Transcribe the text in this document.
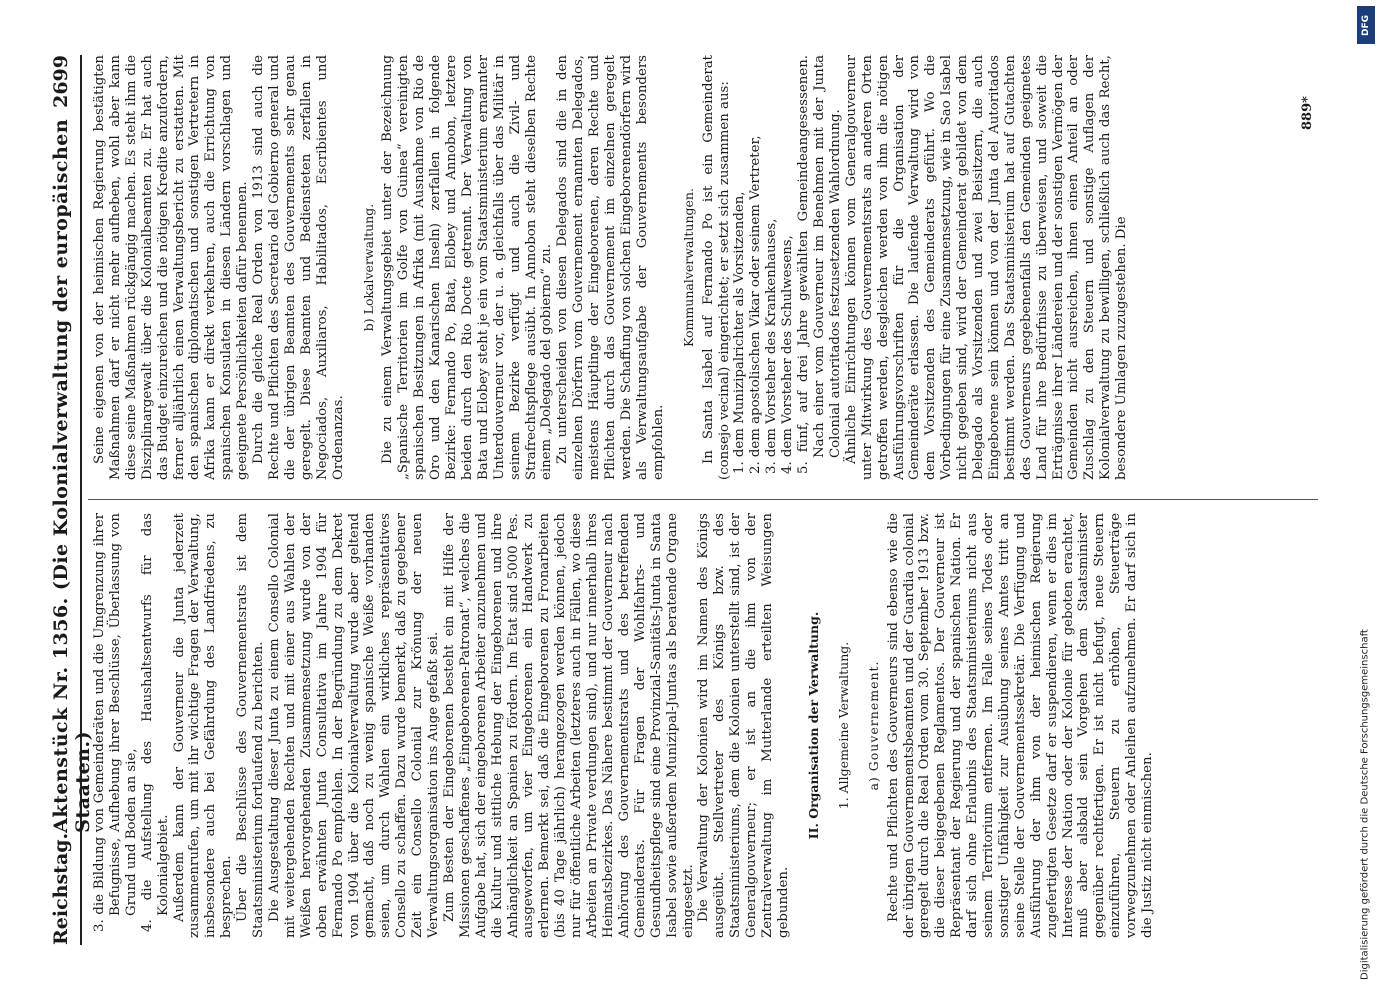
Reichstag.
Aktenstück Nr. 1356. (Die Kolonialverwaltung der europäischen Staaten.)
2699
3. die Bildung von Gemeinderäten und die Umgrenzung ihrer Befugnisse, Aufhebung ihrer Beschlüsse, Überlassung von Grund und Boden an sie, 4. die Aufstellung des Haushaltsentwurfs für das Kolonialgebiet. Außerdem kann der Gouverneur die Junta jederzeit zusammenrufen, um mit ihr wichtige Fragen der Verwaltung, insbesondere auch bei Gefährdung des Landfriedens, zu besprechen. Über die Beschlüsse des Gouvernementsrats ist dem Staatsministerium fortlaufend zu berichten. Die Ausgestaltung dieser Junta zu einem Consello Colonial mit weitergehenden Rechten und mit einer aus Wahlen der Weißen hervorgehenden Zusammensetzung wurde von der oben erwähnten Junta Consultativa im Jahre 1904 für Fernando Po empfohlen. In der Begründung zu dem Dekret von 1904 über die Kolonialverwaltung wurde aber geltend gemacht, daß noch zu wenig spanische Weiße vorhanden seien, um durch Wahlen ein wirkliches repräsentatives Consello zu schaffen. Dazu wurde bemerkt, daß zu gegebener Zeit ein Consello Colonial zur Krönung der neuen Verwaltungsorganisation ins Auge gefaßt sei. Zum Besten der Eingeborenen besteht ein mit Hilfe der Missionen geschaffenes „Eingeborenen-Patronat“, welches die Aufgabe hat, sich der eingeborenen Arbeiter anzunehmen und die Kultur und sittliche Hebung der Eingeborenen und ihre Anhänglichkeit an Spanien zu fördern. Im Etat sind 5000 Pes. ausgeworfen, um vier Eingeborenen ein Handwerk zu erlernen. Bemerkt sei, daß die Eingeborenen zu Fronarbeiten (bis 40 Tage jährlich) herangezogen werden können, jedoch nur für öffentliche Arbeiten (letzteres auch in Fällen, wo diese Arbeiten an Private verdungen sind), und nur innerhalb ihres Heimatsbezirkes. Das Nähere bestimmt der Gouverneur nach Anhörung des Gouvernementsrats und des betreffenden Gemeinderats. Für Fragen der Wohlfahrts- und Gesundheitspflege sind eine Provinzial-Sanitäts-Junta in Santa Isabel sowie außerdem Munizipal-Juntas als beratende Organe eingesetzt. Die Verwaltung der Kolonien wird im Namen des Königs ausgeübt. Stellvertreter des Königs bzw. des Staatsministeriums, dem die Kolonien unterstellt sind, ist der Generalgouverneur; er ist an die ihm von der Zentralverwaltung im Mutterlande erteilten Weisungen gebunden.

II. Organisation der Verwaltung. 1. Allgemeine Verwaltung. a) Gouvernement. Rechte und Pflichten des Gouverneurs sind ebenso wie die der übrigen Gouvernementsbeamten und der Guardia colonial geregelt durch die Real Orden vom 30. September 1913 bzw. die dieser beigegebenen Reglamentos. Der Gouverneur ist Repräsentant der Regierung und der spanischen Nation. Er darf sich ohne Erlaubnis des Staatsministeriums nicht aus seinem Territorium entfernen. Im Falle seines Todes oder sonstiger Unfähigkeit zur Ausübung seines Amtes tritt an seine Stelle der Gouvernementssekretär. Die Verfügung und Ausführung der ihm von der heimischen Regierung zugefertigten Gesetze darf er suspendieren, wenn er dies im Interesse der Nation oder der Kolonie für geboten erachtet, muß aber alsbald sein Vorgehen dem Staatsminister gegenüber rechtfertigen. Er ist nicht befugt, neue Steuern einzuführen, Steuern zu erhöhen, Steuerträge vorwegzunehmen oder Anleihen aufzunehmen. Er darf sich in die Justiz nicht einmischen.

Seine eigenen von der heimischen Regierung bestätigten Maßnahmen darf er nicht mehr aufheben, wohl aber kann diese seine Maßnahmen rückgängig machen. Es steht ihm die Disziplinargewalt über die Kolonialbeamten zu. Er hat auch das Budget einzureichen und die nötigen Kredite anzufordern, ferner alljährlich einen Verwaltungsbericht zu erstatten. Mit den spanischen diplomatischen und sonstigen Vertretern in Afrika kann er direkt verkehren, auch die Errichtung von spanischen Konsulaten in diesen Ländern vorschlagen und geeignete Persönlichkeiten dafür benennen. Durch die gleiche Real Orden von 1913 sind auch die Rechte und Pflichten des Secretario del Gobierno general und die der übrigen Beamten des Gouvernements sehr genau geregelt. Diese Beamten und Bediensteten zerfallen in Negociados, Auxiliaros, Habilitados, Escribientes und Ordenanzas.

b) Lokalverwaltung. Die zu einem Verwaltungsgebiet unter der Bezeichnung „Spanische Territorien im Golfe von Guinea“ vereinigten spanischen Besitzungen in Afrika (mit Ausnahme von Rio de Oro und den Kanarischen Inseln) zerfallen in folgende Bezirke: Fernando Po, Bata, Elobey und Annobon, letztere beiden durch den Rio Docte getrennt. Der Verwaltung von Bata und Elobey steht je ein vom Staatsministerium ernannter Unterdouverneur vor, der u. a. gleichfalls über das Militär in seinem Bezirke verfügt und auch die Zivil- und Strafrechtspflege ausübt. In Annobon steht dieselben Rechte einem „Dolegado del gobierno“ zu. Zu unterscheiden von diesen Delegados sind die in den einzelnen Dörfern vom Gouvernement ernannten Delegados, meistens Häuptlinge der Eingeborenen, deren Rechte und Pflichten durch das Gouvernement im einzelnen geregelt werden. Die Schaffung von solchen Eingeborenendörfern wird als Verwaltungsaufgabe der Gouvernements besonders empfohlen.

Kommunalverwaltungen. In Santa Isabel auf Fernando Po ist ein Gemeinderat (consejo vecinal) eingerichtet; er setzt sich zusammen aus: 1. dem Munizipalrichter als Vorsitzenden, 2. dem apostolischen Vikar oder seinem Vertreter, 3. dem Vorsteher des Krankenhauses, 4. dem Vorsteher des Schulwesens, 5. fünf, auf drei Jahre gewählten Gemeindeangesessenen. Nach einer vom Gouverneur im Benehmen mit der Junta Colonial autoritados festzusetzenden Wahlordnung. Ähnliche Einrichtungen können vom Generalgouverneur unter Mitwirkung des Gouvernementsrats an anderen Orten getroffen werden, desgleichen werden von ihm die nötigen Ausführungsvorschriften für die Organisation der Gemeinderäte erlassen. Die laufende Verwaltung wird von dem Vorsitzenden des Gemeinderats geführt. Wo die Vorbedingungen für eine Zusammensetzung, wie in Sao Isabel nicht gegeben sind, wird der Gemeinderat gebildet von dem Delegado als Vorsitzenden und zwei Beisitzern, die auch Eingeborene sein können und von der Junta del Autoritados bestimmt werden. Das Staatsministerium hat auf Gutachten des Gouverneurs gegebenenfalls den Gemeinden geeignetes Land für ihre Bedürfnisse zu überweisen, und soweit die Erträgnisse ihrer Ländereien und der sonstigen Vermögen der Gemeinden nicht ausreichen, ihnen einen Anteil an oder Zuschlag zu den Steuern und sonstige Auflagen der Kolonialverwaltung zu bewilligen, schließlich auch das Recht, besondere Umlagen zuzugestehen. Die

889*
DFG
Digitalisierung gefördert durch die Deutsche Forschungsgemeinschaft
